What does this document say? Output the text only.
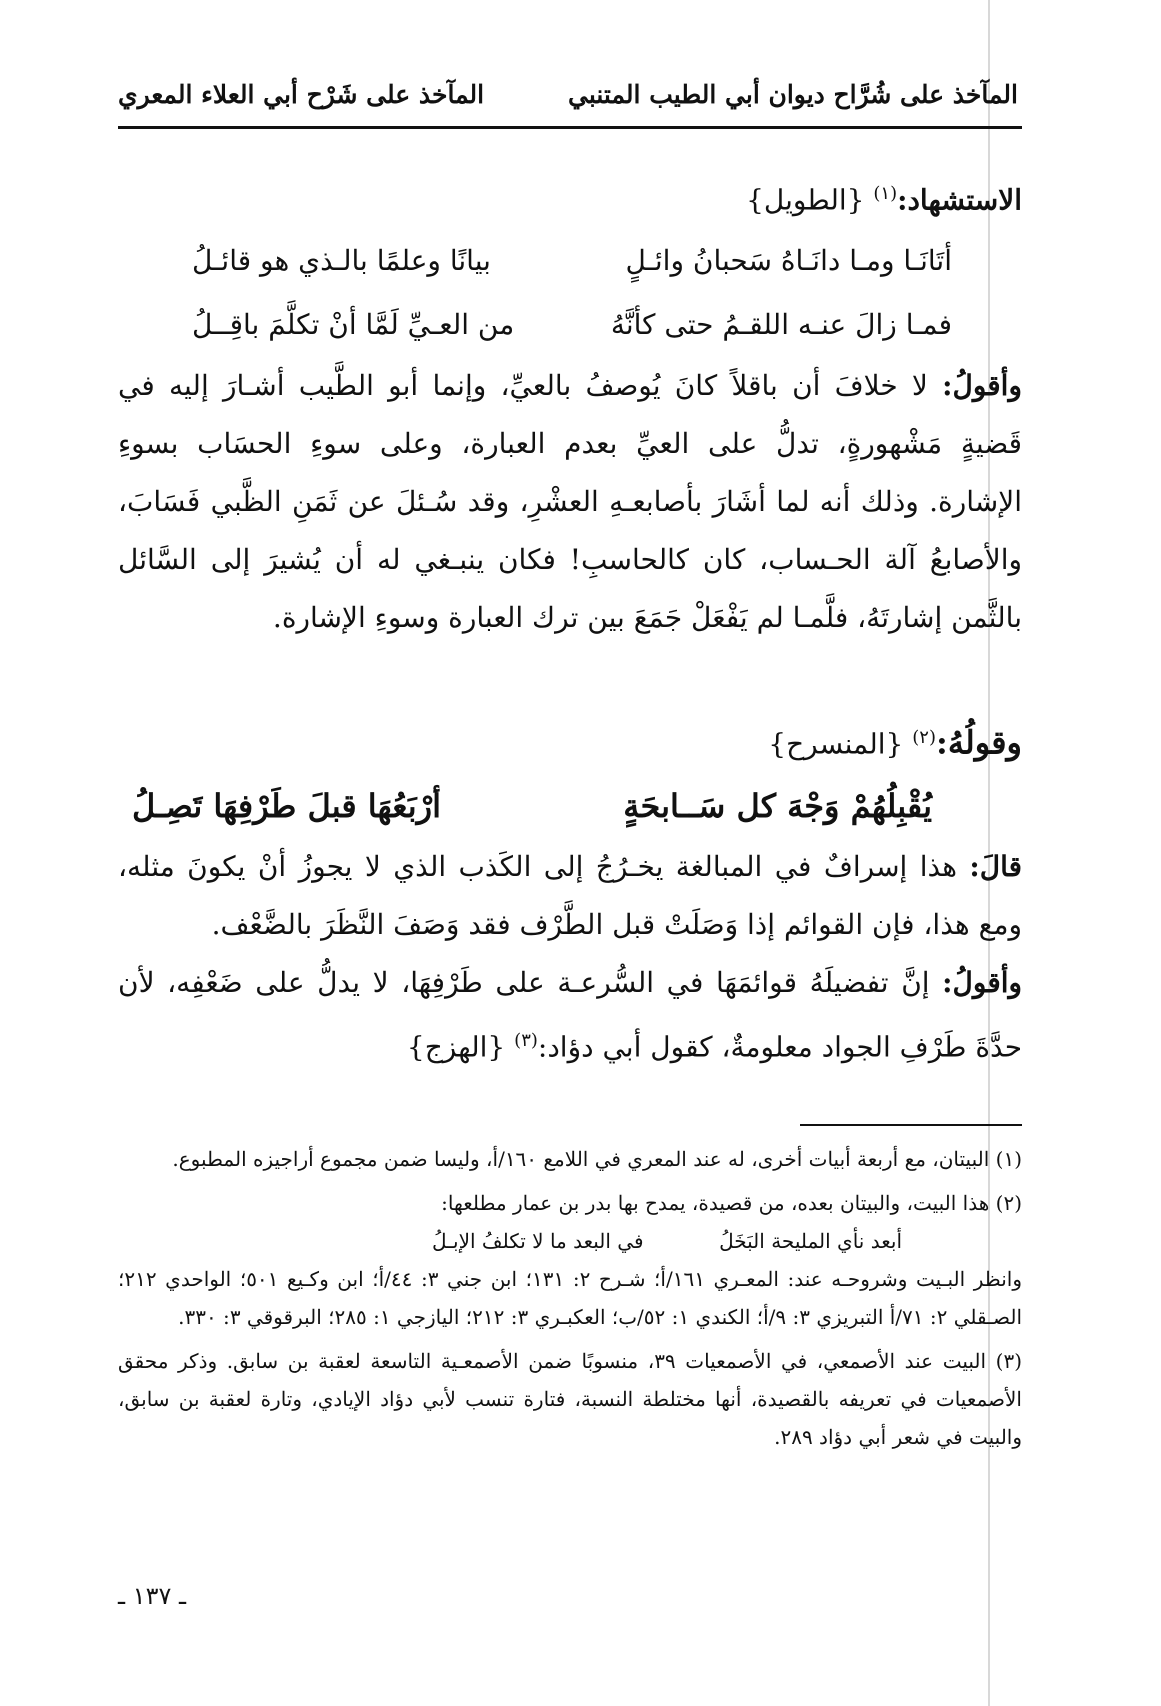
المآخذ على شُرَّاح ديوان أبي الطيب المتنبي
المآخذ على شَرْح أبي العلاء المعري

الاستشهاد:$^{(١)}$ {الطويل}

أتَانَـا ومـا دانَـاهُ سَحبانُ وائـلٍ
بيانًا وعلمًا بالـذي هو قائـلُ
فمـا زالَ عنـه اللقـمُ حتى كأنَّهُ
من العـيِّ لَمَّا أنْ تكلَّمَ باقِــلُ

وأقولُ: لا خلافَ أن باقلاً كانَ يُوصفُ بالعيِّ، وإنما أبو الطَّيب أشـارَ إليه في قَضيةٍ مَشْهورةٍ، تدلُّ على العيِّ بعدم العبارة، وعلى سوءِ الحسَاب بسوءِ الإشارة. وذلك أنه لما أشَارَ بأصابعـهِ العشْرِ، وقد سُـئلَ عن ثَمَنِ الظَّبي فَسَابَ، والأصابعُ آلة الحـساب، كان كالحاسبِ! فكان ينبـغي له أن يُشيرَ إلى السَّائل بالثَّمن إشارتَهُ، فلَّمـا لم يَفْعَلْ جَمَعَ بين ترك العبارة وسوءِ الإشارة.

وقولُهُ:$^{(٢)}$ {المنسرح}

يُقْبِلُهُمْ وَجْهَ كل سَــابحَةٍ
أرْبَعُهَا قبلَ طَرْفِهَا تَصِـلُ

قالَ: هذا إسرافٌ في المبالغة يخـرُجُ إلى الكَذب الذي لا يجوزُ أنْ يكونَ مثله، ومع هذا، فإن القوائم إذا وَصَلَتْ قبل الطَّرْف فقد وَصَفَ النَّظَرَ بالضَّعْف.

وأقولُ: إنَّ تفضيلَهُ قوائمَهَا في السُّرعـة على طَرْفِهَا، لا يدلُّ على ضَعْفِه، لأن حدَّةَ طَرْفِ الجواد معلومةٌ، كقول أبي دؤاد:$^{(٣)}$ {الهزج}

(١) البيتان، مع أربعة أبيات أخرى، له عند المعري في اللامع ١٦٠/أ، وليسا ضمن مجموع أراجيزه المطبوع.

(٢) هذا البيت، والبيتان بعده، من قصيدة، يمدح بها بدر بن عمار مطلعها:

أبعد نأي المليحة البَخَلُ
في البعد ما لا تكلفُ الإبـلُ

وانظر البـيت وشروحـه عند: المعـري ١٦١/أ؛ شـرح ٢: ١٣١؛ ابن جني ٣: ٤٤/أ؛ ابن وكـيع ٥٠١؛ الواحدي ٢١٢؛ الصـقلي ٢: ٧١/أ التبريزي ٣: ٩/أ؛ الكندي ١: ٥٢/ب؛ العكبـري ٣: ٢١٢؛ اليازجي ١: ٢٨٥؛ البرقوقي ٣: ٣٣٠.

(٣) البيت عند الأصمعي، في الأصمعيات ٣٩، منسوبًا ضمن الأصمعـية التاسعة لعقبة بن سابق. وذكر محقق الأصمعيات في تعريفه بالقصيدة، أنها مختلطة النسبة، فتارة تنسب لأبي دؤاد الإيادي، وتارة لعقبة بن سابق، والبيت في شعر أبي دؤاد ٢٨٩.

ـ ١٣٧ ـ
